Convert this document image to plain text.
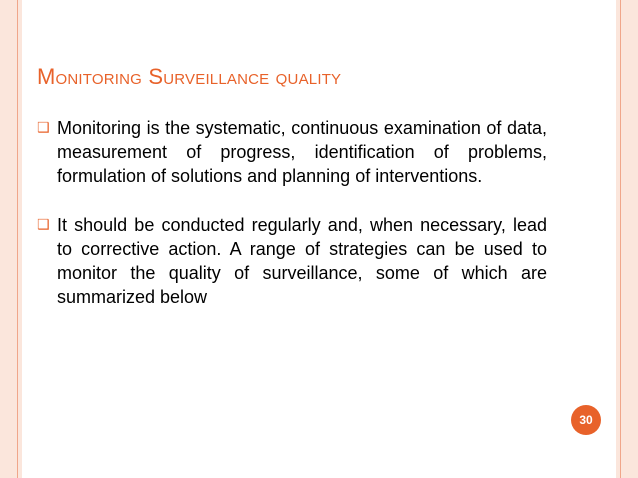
Monitoring Surveillance quality
❑ Monitoring is the systematic, continuous examination of data, measurement of progress, identification of problems, formulation of solutions and planning of interventions.
❑ It should be conducted regularly and, when necessary, lead to corrective action. A range of strategies can be used to monitor the quality of surveillance, some of which are summarized below
30
